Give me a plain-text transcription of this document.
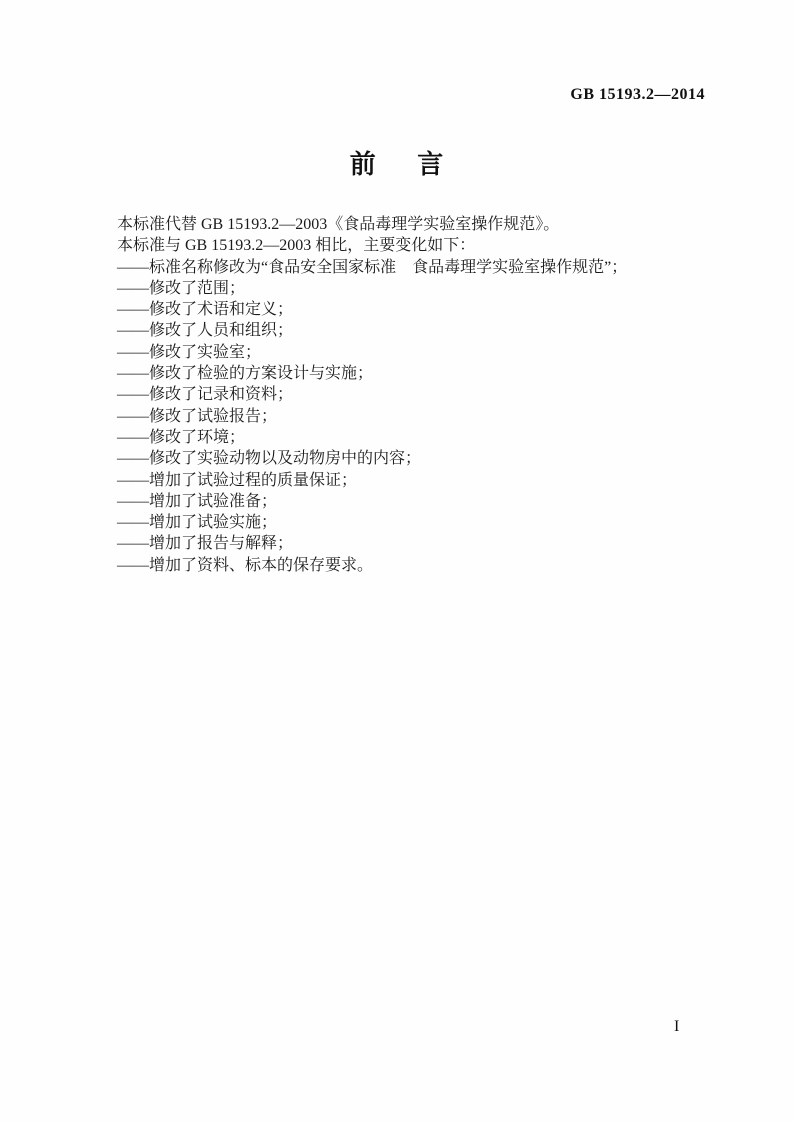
GB 15193.2—2014
前　言

本标准代替 GB 15193.2—2003《食品毒理学实验室操作规范》。

本标准与 GB 15193.2—2003 相比，主要变化如下：

——标准名称修改为“食品安全国家标准　食品毒理学实验室操作规范”；

——修改了范围；

——修改了术语和定义；

——修改了人员和组织；

——修改了实验室；

——修改了检验的方案设计与实施；

——修改了记录和资料；

——修改了试验报告；

——修改了环境；

——修改了实验动物以及动物房中的内容；

——增加了试验过程的质量保证；

——增加了试验准备；

——增加了试验实施；

——增加了报告与解释；

——增加了资料、标本的保存要求。

I
